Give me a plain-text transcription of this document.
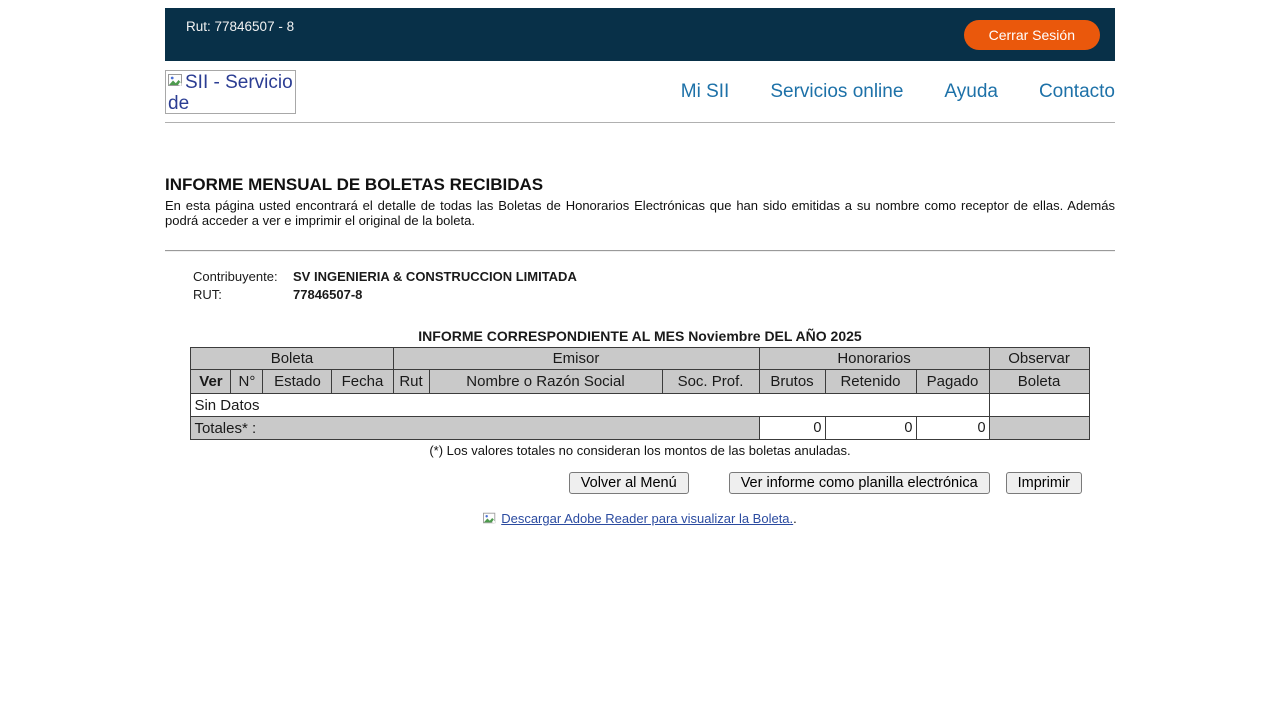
Rut: 77846507 - 8	Cerrar Sesión
SII - Servicio de
Mi SII Servicios online Ayuda Contacto
INFORME MENSUAL DE BOLETAS RECIBIDAS

En esta página usted encontrará el detalle de todas las Boletas de Honorarios Electrónicas que han sido emitidas a su nombre como receptor de ellas. Además podrá acceder a ver e imprimir el original de la boleta.

Contribuyente:	SV INGENIERIA & CONSTRUCCION LIMITADA
RUT:	77846507-8
INFORME CORRESPONDIENTE AL MES Noviembre DEL AÑO 2025
Boleta				Emisor			Honorarios			Observar
Ver	N°	Estado	Fecha	Rut	Nombre o Razón Social	Soc. Prof.	Brutos	Retenido	Pagado	Boleta
Sin Datos										
Totales* :							0	0	0	
(*) Los valores totales no consideran los montos de las boletas anuladas.
Volver al Menú	Ver informe como planilla electrónica	Imprimir
Descargar Adobe Reader para visualizar la Boleta..
